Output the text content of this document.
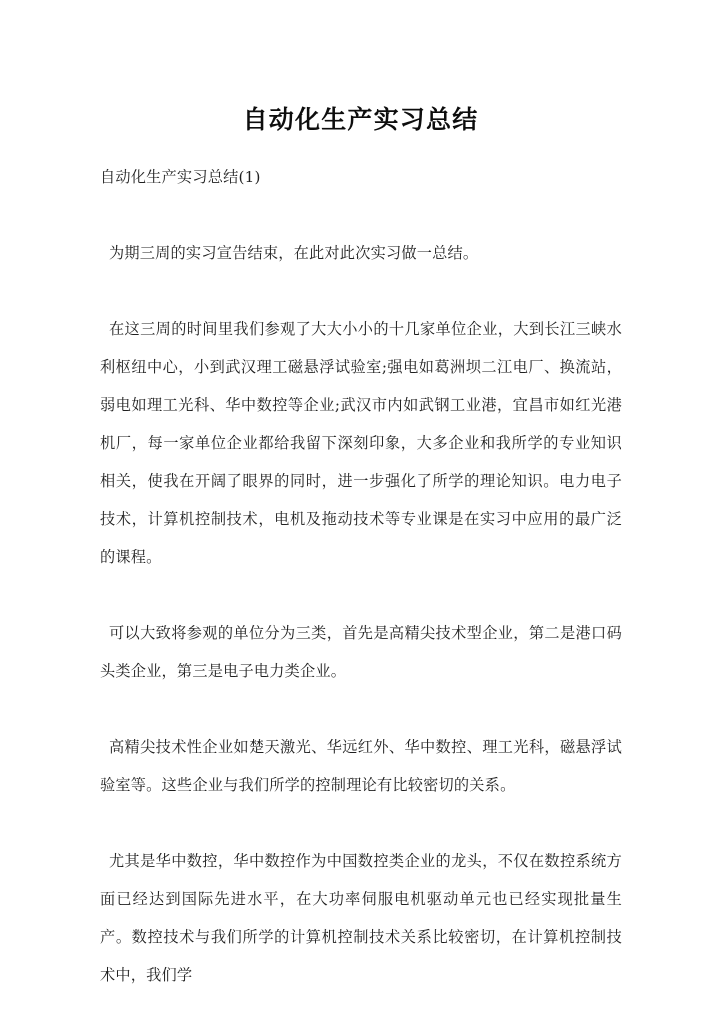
自动化生产实习总结

自动化生产实习总结(1)

为期三周的实习宣告结束，在此对此次实习做一总结。

在这三周的时间里我们参观了大大小小的十几家单位企业，大到长江三峡水利枢纽中心，小到武汉理工磁悬浮试验室;强电如葛洲坝二江电厂、换流站，弱电如理工光科、华中数控等企业;武汉市内如武钢工业港，宜昌市如红光港机厂，每一家单位企业都给我留下深刻印象，大多企业和我所学的专业知识相关，使我在开阔了眼界的同时，进一步强化了所学的理论知识。电力电子技术，计算机控制技术，电机及拖动技术等专业课是在实习中应用的最广泛的课程。

可以大致将参观的单位分为三类，首先是高精尖技术型企业，第二是港口码头类企业，第三是电子电力类企业。

高精尖技术性企业如楚天激光、华远红外、华中数控、理工光科，磁悬浮试验室等。这些企业与我们所学的控制理论有比较密切的关系。

尤其是华中数控，华中数控作为中国数控类企业的龙头，不仅在数控系统方面已经达到国际先进水平，在大功率伺服电机驱动单元也已经实现批量生产。数控技术与我们所学的计算机控制技术关系比较密切，在计算机控制技术中，我们学
